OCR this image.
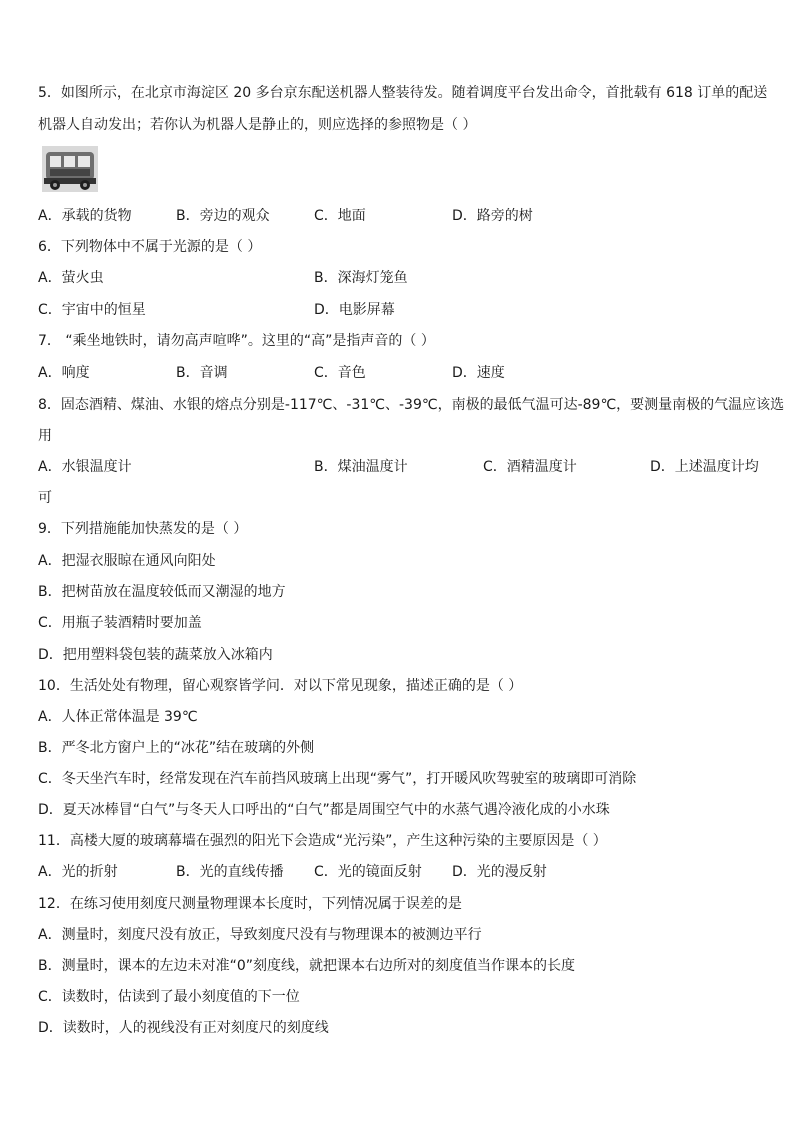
5．如图所示，在北京市海淀区 20 多台京东配送机器人整装待发。随着调度平台发出命令，首批载有 618 订单的配送
机器人自动发出；若你认为机器人是静止的，则应选择的参照物是（ ）
A．承载的货物	B．旁边的观众	C．地面	D．路旁的树
6．下列物体中不属于光源的是（ ）
A．萤火虫	B．深海灯笼鱼
C．宇宙中的恒星	D．电影屏幕
7． “乘坐地铁时，请勿高声喧哗”。这里的“高”是指声音的（ ）
A．响度	B．音调	C．音色	D．速度
8．固态酒精、煤油、水银的熔点分别是-117℃、-31℃、-39℃，南极的最低气温可达-89℃，要测量南极的气温应该选
用
A．水银温度计	B．煤油温度计	C．酒精温度计	D．上述温度计均
可
9．下列措施能加快蒸发的是（ ）
A．把湿衣服晾在通风向阳处
B．把树苗放在温度较低而又潮湿的地方
C．用瓶子装酒精时要加盖
D．把用塑料袋包装的蔬菜放入冰箱内
10．生活处处有物理，留心观察皆学问．对以下常见现象，描述正确的是（ ）
A．人体正常体温是 39℃
B．严冬北方窗户上的“冰花”结在玻璃的外侧
C．冬天坐汽车时，经常发现在汽车前挡风玻璃上出现“雾气”，打开暖风吹驾驶室的玻璃即可消除
D．夏天冰棒冒“白气”与冬天人口呼出的“白气”都是周围空气中的水蒸气遇冷液化成的小水珠
11．高楼大厦的玻璃幕墙在强烈的阳光下会造成“光污染”，产生这种污染的主要原因是（ ）
A．光的折射	B．光的直线传播 C．光的镜面反射 D．光的漫反射
12．在练习使用刻度尺测量物理课本长度时，下列情况属于误差的是
A．测量时，刻度尺没有放正，导致刻度尺没有与物理课本的被测边平行
B．测量时，课本的左边未对准“0”刻度线，就把课本右边所对的刻度值当作课本的长度
C．读数时，估读到了最小刻度值的下一位
D．读数时，人的视线没有正对刻度尺的刻度线
